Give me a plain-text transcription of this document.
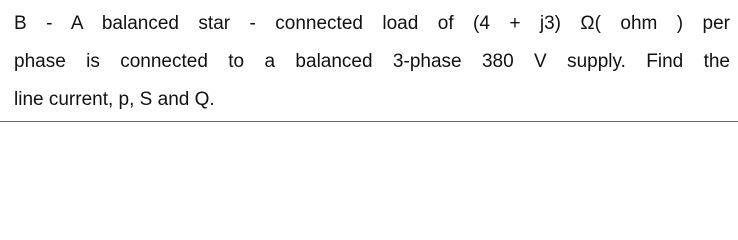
B - A balanced star - connected load of (4 + j3) Ω( ohm ) per
phase is connected to a balanced 3-phase 380 V supply. Find the
line current, p, S and Q.
